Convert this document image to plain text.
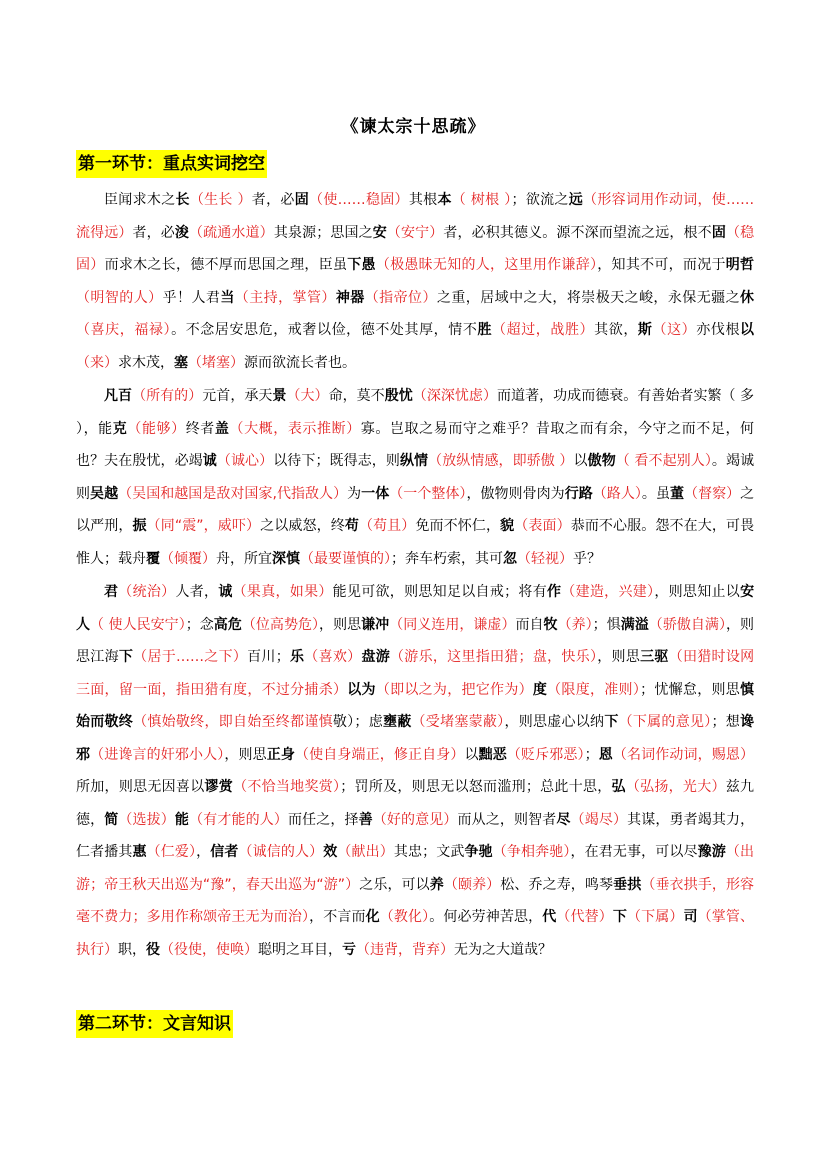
《谏太宗十思疏》
第一环节：重点实词挖空

臣闻求木之长（生长 ）者，必固（使……稳固）其根本（ 树根 ）；欲流之远（形容词用作动词，使……流得远）者，必浚（疏通水道）其泉源；思国之安（安宁）者，必积其德义。源不深而望流之远，根不固（稳固）而求木之长，德不厚而思国之理，臣虽下愚（极愚昧无知的人，这里用作谦辞），知其不可，而况于明哲（明智的人）乎！人君当（主持，掌管）神器（指帝位）之重，居域中之大，将崇极天之峻，永保无疆之休（喜庆，福禄）。不念居安思危，戒奢以俭，德不处其厚，情不胜（超过，战胜）其欲，斯（这）亦伐根以（来）求木茂，塞（堵塞）源而欲流长者也。

凡百（所有的）元首，承天景（大）命，莫不殷忧（深深忧虑）而道著，功成而德衰。有善始者实繁（ 多 ），能克（能够）终者盖（大概，表示推断）寡。岂取之易而守之难乎？昔取之而有余，今守之而不足，何也？夫在殷忧，必竭诚（诚心）以待下；既得志，则纵情（放纵情感，即骄傲 ）以傲物（ 看不起别人）。竭诚则吴越（吴国和越国是敌对国家,代指敌人）为一体（一个整体），傲物则骨肉为行路（路人）。虽董（督察）之以严刑，振（同“震”，威吓）之以威怒，终苟（苟且）免而不怀仁，貌（表面）恭而不心服。怨不在大，可畏惟人；载舟覆（倾覆）舟，所宜深慎（最要谨慎的）；奔车朽索，其可忽（轻视）乎？

君（统治）人者，诚（果真，如果）能见可欲，则思知足以自戒；将有作（建造，兴建），则思知止以安人（ 使人民安宁）；念高危（位高势危），则思谦冲（同义连用，谦虚）而自牧（养）；惧满溢（骄傲自满），则思江海下（居于……之下）百川；乐（喜欢）盘游（游乐，这里指田猎；盘，快乐），则思三驱（田猎时设网三面，留一面，指田猎有度，不过分捕杀）以为（即以之为，把它作为）度（限度，准则）；忧懈怠，则思慎始而敬终（慎始敬终，即自始至终都谨慎敬）；虑壅蔽（受堵塞蒙蔽），则思虚心以纳下（下属的意见）；想谗邪（进谗言的奸邪小人），则思正身（使自身端正，修正自身）以黜恶（贬斥邪恶）；恩（名词作动词，赐恩）所加，则思无因喜以谬赏（不恰当地奖赏）；罚所及，则思无以怒而滥刑；总此十思，弘（弘扬，光大）兹九德，简（选拔）能（有才能的人）而任之，择善（好的意见）而从之，则智者尽（竭尽）其谋，勇者竭其力，仁者播其惠（仁爱），信者（诚信的人）效（献出）其忠；文武争驰（争相奔驰），在君无事，可以尽豫游（出游；帝王秋天出巡为“豫”，春天出巡为“游”）之乐，可以养（颐养）松、乔之寿，鸣琴垂拱（垂衣拱手，形容毫不费力；多用作称颂帝王无为而治），不言而化（教化）。何必劳神苦思，代（代替）下（下属）司（掌管、执行）职，役（役使，使唤）聪明之耳目，亏（违背，背弃）无为之大道哉？

第二环节：文言知识
